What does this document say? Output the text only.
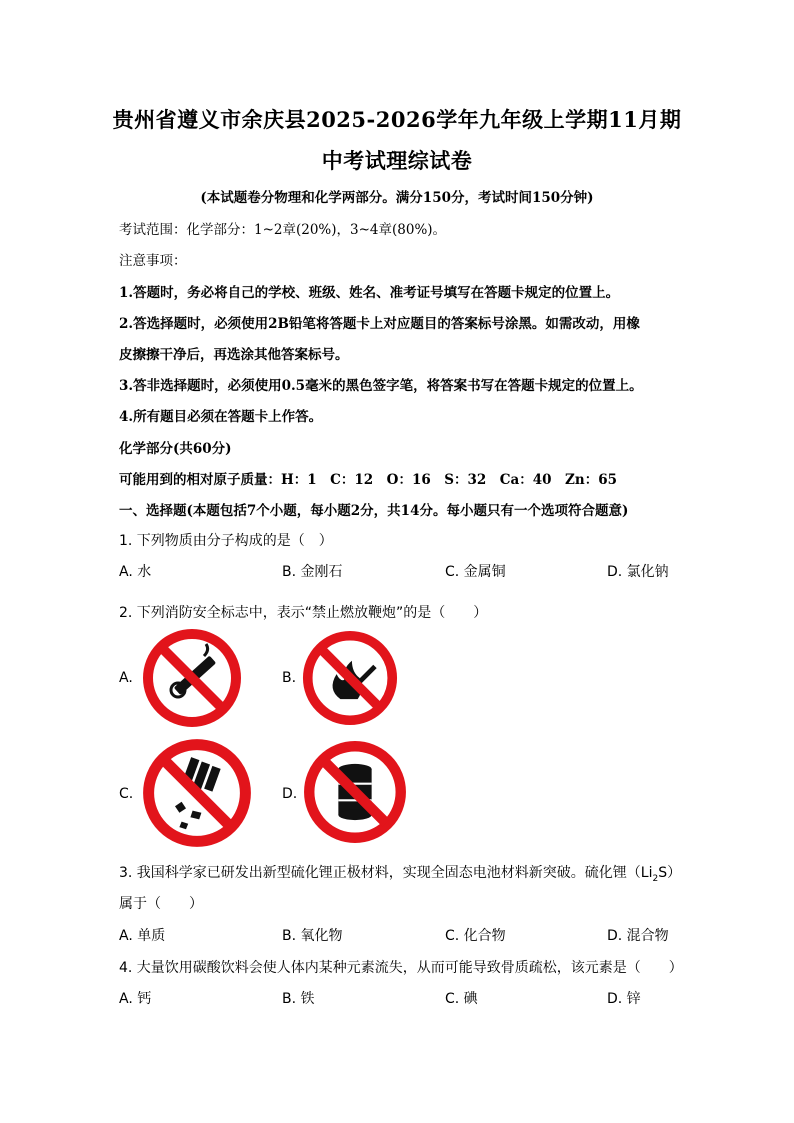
贵州省遵义市余庆县2025-2026学年九年级上学期11月期
中考试理综试卷
(本试题卷分物理和化学两部分。满分150分，考试时间150分钟)
考试范围：化学部分：1~2章(20%)，3~4章(80%)。
注意事项：
1.答题时，务必将自己的学校、班级、姓名、准考证号填写在答题卡规定的位置上。
2.答选择题时，必须使用2B铅笔将答题卡上对应题目的答案标号涂黑。如需改动，用橡
皮擦擦干净后，再选涂其他答案标号。
3.答非选择题时，必须使用0.5毫米的黑色签字笔，将答案书写在答题卡规定的位置上。
4.所有题目必须在答题卡上作答。
化学部分(共60分)
可能用到的相对原子质量：H：1　C：12　O：16　S：32　Ca：40　Zn：65
一、选择题(本题包括7个小题，每小题2分，共14分。每小题只有一个选项符合题意)
1. 下列物质由分子构成的是（　）
A. 水	B. 金刚石	C. 金属铜	D. 氯化钠
2. 下列消防安全标志中，表示“禁止燃放鞭炮”的是（　　）
A.	B.
C.	D.
3. 我国科学家已研发出新型硫化锂正极材料，实现全固态电池材料新突破。硫化锂$(Li_2S)$
属于（　　）
A. 单质	B. 氧化物	C. 化合物	D. 混合物
4. 大量饮用碳酸饮料会使人体内某种元素流失，从而可能导致骨质疏松，该元素是（　　）
A. 钙	B. 铁	C. 碘	D. 锌
